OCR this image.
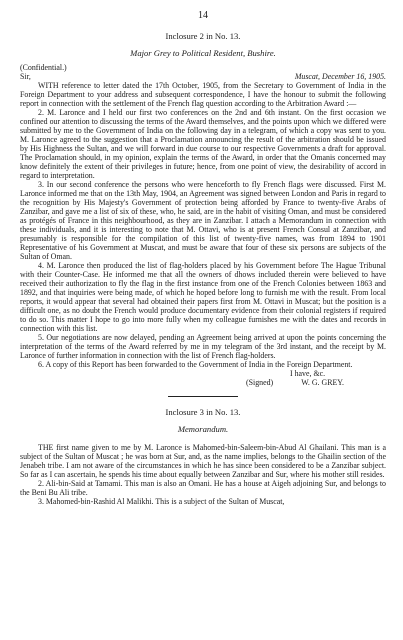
14
Inclosure 2 in No. 13.
Major Grey to Political Resident, Bushire.
(Confidential.)
Sir,	Muscat, December 16, 1905.

WITH reference to letter dated the 17th October, 1905, from the Secretary to Government of India in the Foreign Department to your address and subsequent correspondence, I have the honour to submit the following report in connection with the settlement of the French flag question according to the Arbitration Award :—

2. M. Laronce and I held our first two conferences on the 2nd and 6th instant. On the first occasion we confined our attention to discussing the terms of the Award themselves, and the points upon which we differed were submitted by me to the Government of India on the following day in a telegram, of which a copy was sent to you. M. Laronce agreed to the suggestion that a Proclamation announcing the result of the arbitration should be issued by His Highness the Sultan, and we will forward in due course to our respective Governments a draft for approval. The Proclamation should, in my opinion, explain the terms of the Award, in order that the Omanis concerned may know definitely the extent of their privileges in future; hence, from one point of view, the desirability of accord in regard to interpretation.

3. In our second conference the persons who were henceforth to fly French flags were discussed. First M. Laronce informed me that on the 13th May, 1904, an Agreement was signed between London and Paris in regard to the recognition by His Majesty's Government of protection being afforded by France to twenty-five Arabs of Zanzibar, and gave me a list of six of these, who, he said, are in the habit of visiting Oman, and must be considered as protégés of France in this neighbourhood, as they are in Zanzibar. I attach a Memorandum in connection with these individuals, and it is interesting to note that M. Ottavi, who is at present French Consul at Zanzibar, and presumably is responsible for the compilation of this list of twenty-five names, was from 1894 to 1901 Representative of his Government at Muscat, and must be aware that four of these six persons are subjects of the Sultan of Oman.

4. M. Laronce then produced the list of flag-holders placed by his Government before The Hague Tribunal with their Counter-Case. He informed me that all the owners of dhows included therein were believed to have received their authorization to fly the flag in the first instance from one of the French Colonies between 1863 and 1892, and that inquiries were being made, of which he hoped before long to furnish me with the result. From local reports, it would appear that several had obtained their papers first from M. Ottavi in Muscat; but the position is a difficult one, as no doubt the French would produce documentary evidence from their colonial registers if required to do so. This matter I hope to go into more fully when my colleague furnishes me with the dates and records in connection with this list.

5. Our negotiations are now delayed, pending an Agreement being arrived at upon the points concerning the interpretation of the terms of the Award referred by me in my telegram of the 3rd instant, and the receipt by M. Laronce of further information in connection with the list of French flag-holders.

6. A copy of this Report has been forwarded to the Government of India in the Foreign Department.

I have, &c.
(Signed)	W. G. GREY.
Inclosure 3 in No. 13.
Memorandum.

THE first name given to me by M. Laronce is Mahomed-bin-Saleem-bin-Abud Al Ghailani. This man is a subject of the Sultan of Muscat ; he was born at Sur, and, as the name implies, belongs to the Ghailin section of the Jenabeh tribe. I am not aware of the circumstances in which he has since been considered to be a Zanzibar subject. So far as I can ascertain, he spends his time about equally between Zanzibar and Sur, where his mother still resides.

2. Ali-bin-Said at Tamami. This man is also an Omani. He has a house at Aigeh adjoining Sur, and belongs to the Beni Bu Ali tribe.

3. Mahomed-bin-Rashid Al Malikhi. This is a subject of the Sultan of Muscat,
